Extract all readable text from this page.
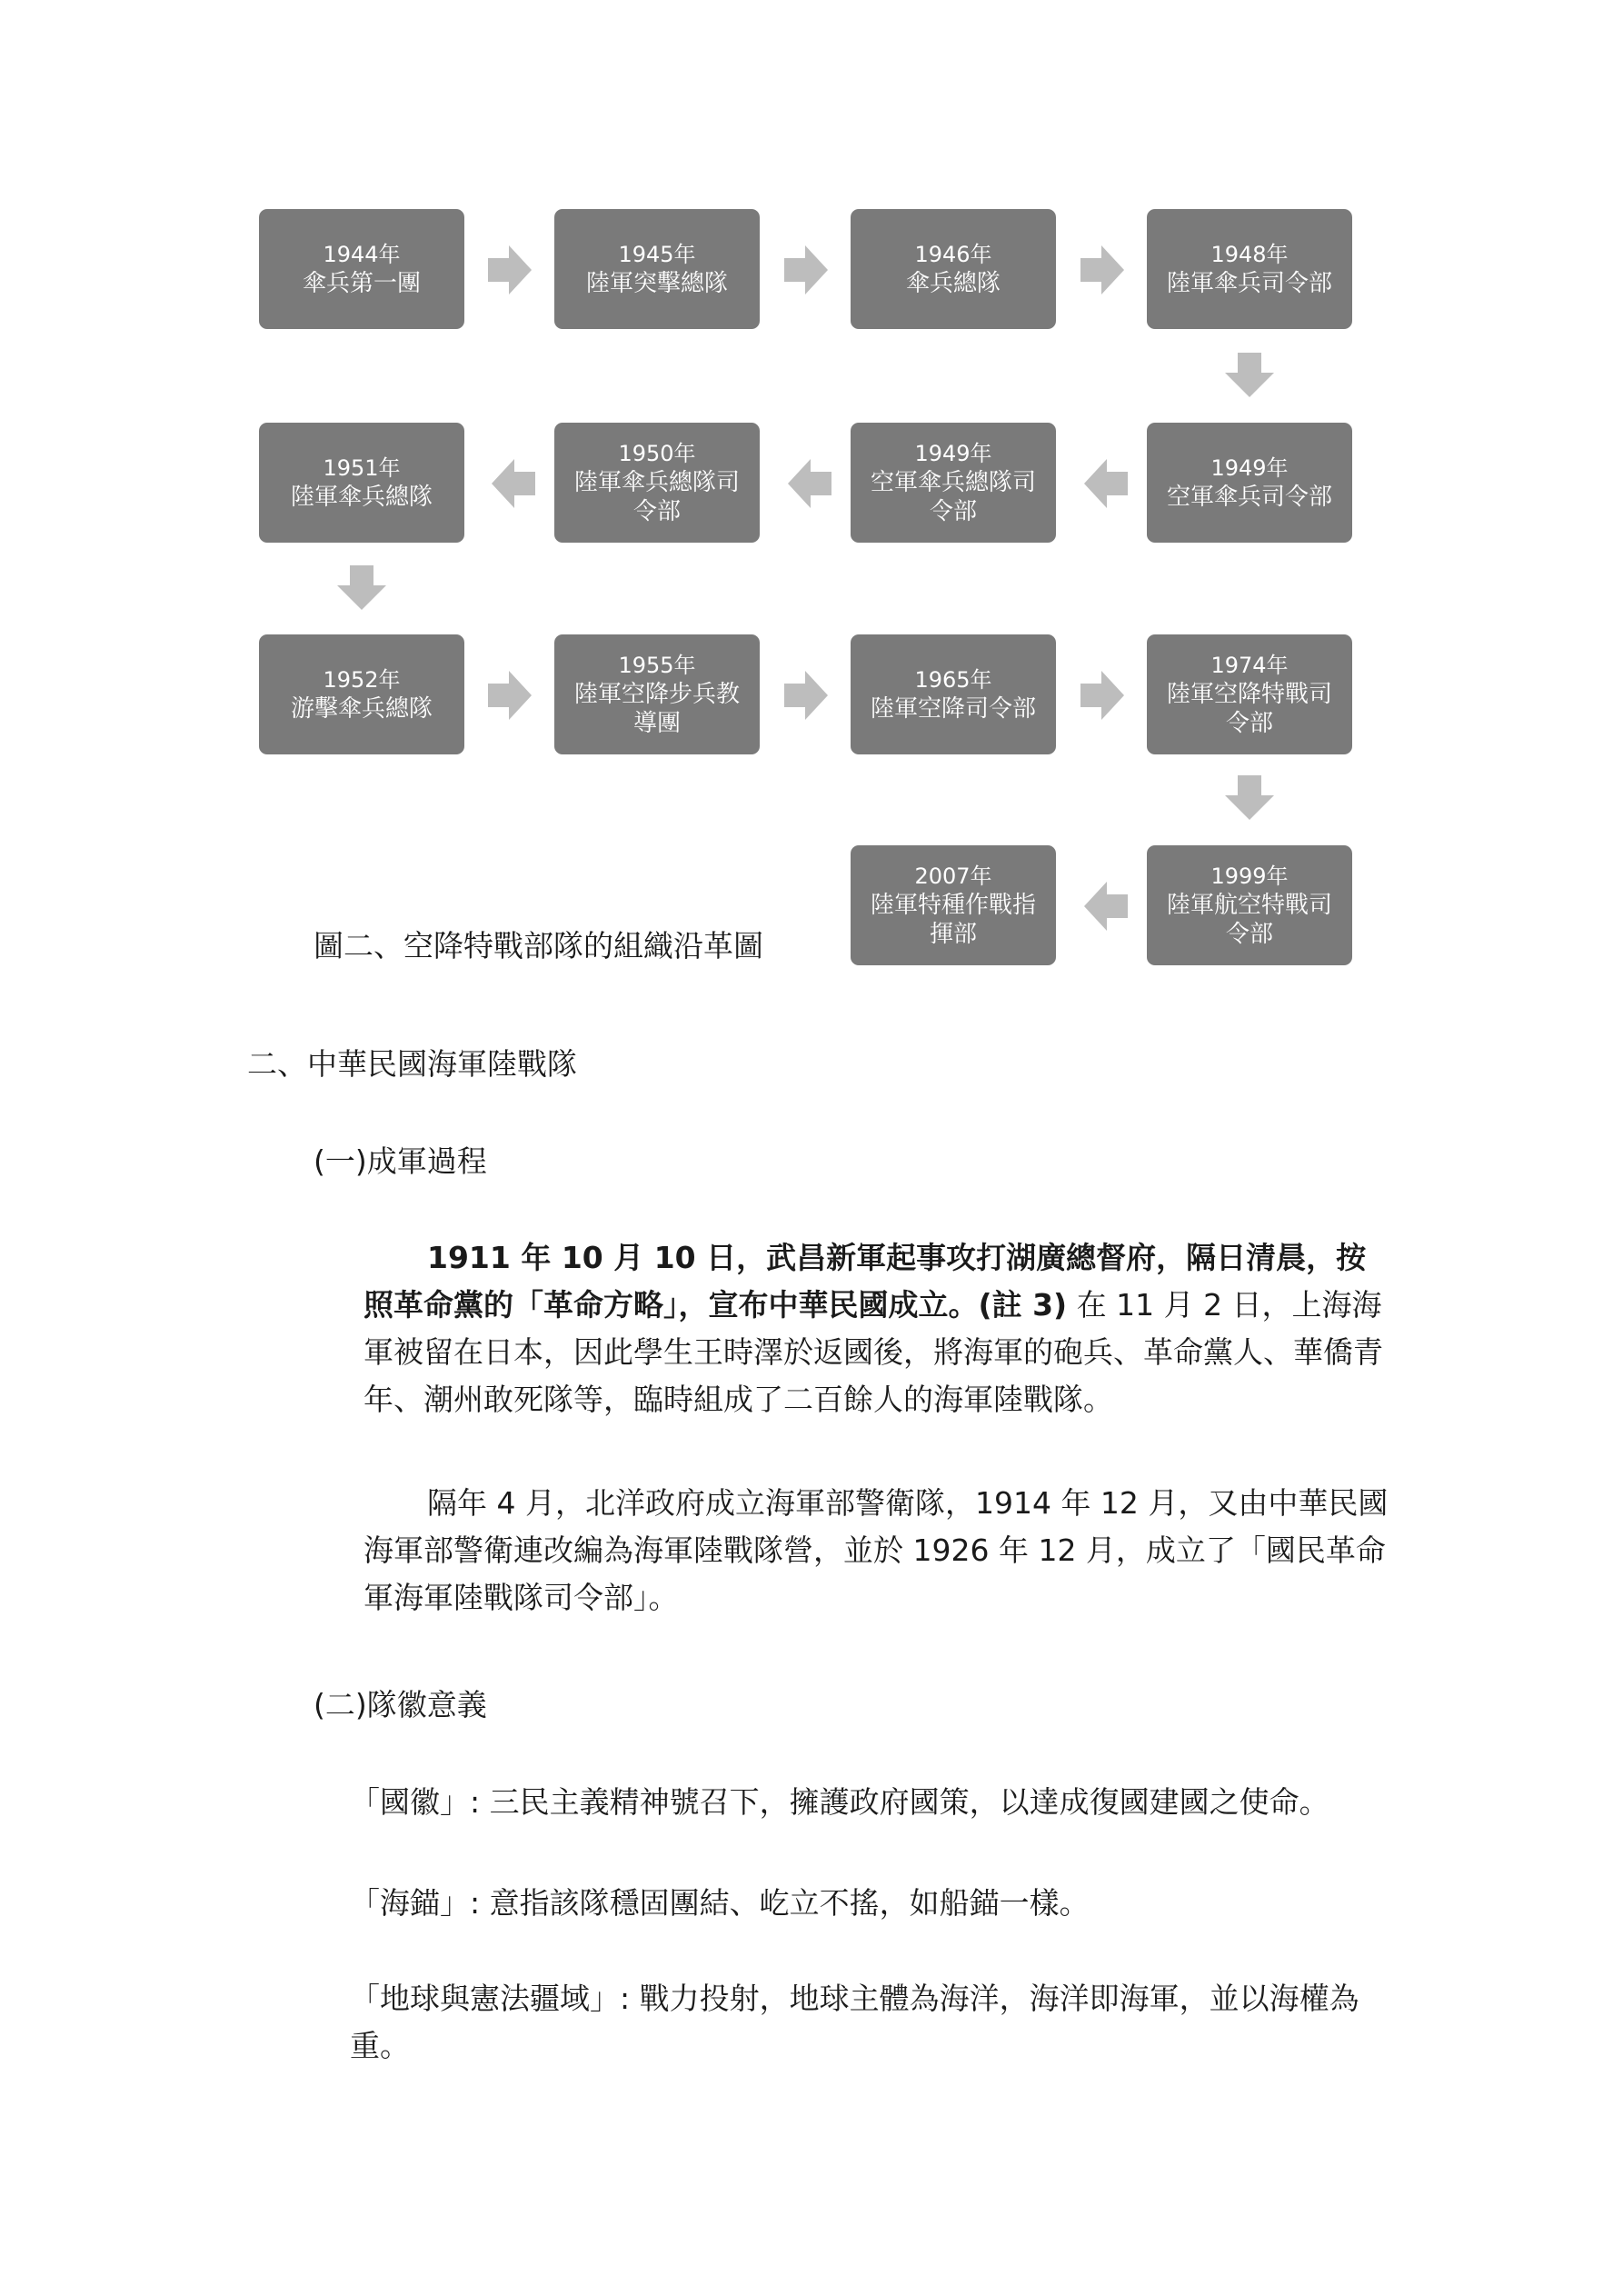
1944年
傘兵第一團
1945年
陸軍突擊總隊
1946年
傘兵總隊
1948年
陸軍傘兵司令部
1949年
空軍傘兵司令部
1949年
空軍傘兵總隊司令部
1950年
陸軍傘兵總隊司令部
1951年
陸軍傘兵總隊
1952年
游擊傘兵總隊
1955年
陸軍空降步兵教導團
1965年
陸軍空降司令部
1974年
陸軍空降特戰司令部
1999年
陸軍航空特戰司令部
2007年
陸軍特種作戰指揮部
圖二、空降特戰部隊的組織沿革圖
二、中華民國海軍陸戰隊
(一)成軍過程
1911 年 10 月 10 日，武昌新軍起事攻打湖廣總督府，隔日清晨，按照革命黨的「革命方略」，宣布中華民國成立。(註 3) 在 11 月 2 日，上海海軍被留在日本，因此學生王時澤於返國後，將海軍的砲兵、革命黨人、華僑青年、潮州敢死隊等，臨時組成了二百餘人的海軍陸戰隊。
隔年 4 月，北洋政府成立海軍部警衛隊，1914 年 12 月，又由中華民國海軍部警衛連改編為海軍陸戰隊營，並於 1926 年 12 月，成立了「國民革命軍海軍陸戰隊司令部」。
(二)隊徽意義
「國徽」: 三民主義精神號召下，擁護政府國策，以達成復國建國之使命。
「海錨」: 意指該隊穩固團結、屹立不搖，如船錨一樣。
「地球與憲法疆域」: 戰力投射，地球主體為海洋，海洋即海軍，並以海權為重。
